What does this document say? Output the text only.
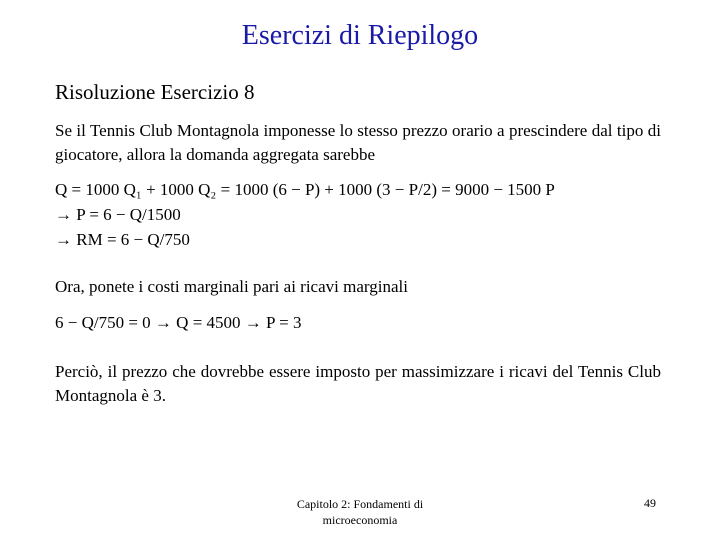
Esercizi di Riepilogo
Risoluzione Esercizio 8
Se il Tennis Club Montagnola imponesse lo stesso prezzo orario a prescindere dal tipo di giocatore, allora la domanda aggregata sarebbe
Q = 1000 Q₁ + 1000 Q₂ = 1000 (6 − P) + 1000 (3 − P/2) = 9000 − 1500 P
→ P = 6 − Q/1500
→ RM = 6 − Q/750
Ora, ponete i costi marginali pari ai ricavi marginali
6 − Q/750 = 0 → Q = 4500 → P = 3
Perciò, il prezzo che dovrebbe essere imposto per massimizzare i ricavi del Tennis Club Montagnola è 3.
Capitolo 2: Fondamenti di microeconomia
49
